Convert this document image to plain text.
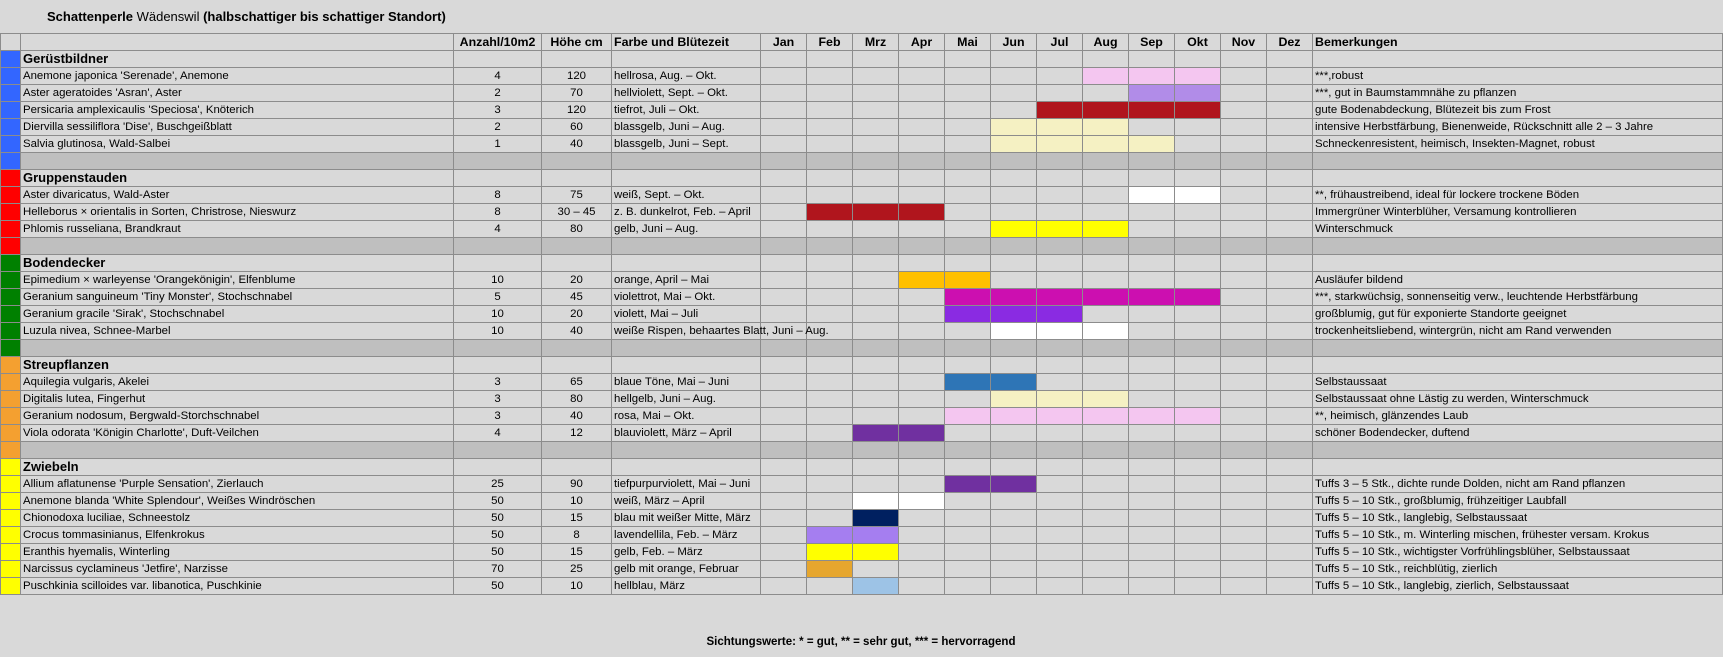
Schattenperle Wädenswil (halbschattiger bis schattiger Standort)
		Anzahl/10m2	Höhe cm	Farbe und Blütezeit	Jan	Feb	Mrz	Apr	Mai	Jun	Jul	Aug	Sep	Okt	Nov	Dez	Bemerkungen
	Gerüstbildner																
	Anemone japonica 'Serenade', Anemone	4	120	hellrosa, Aug. – Okt.													***,robust
	Aster ageratoides 'Asran', Aster	2	70	hellviolett, Sept. – Okt.													***, gut in Baumstammnähe zu pflanzen
	Persicaria amplexicaulis 'Speciosa', Knöterich	3	120	tiefrot, Juli – Okt.													gute Bodenabdeckung, Blütezeit bis zum Frost
	Diervilla sessiliflora 'Dise', Buschgeißblatt	2	60	blassgelb, Juni – Aug.													intensive Herbstfärbung, Bienenweide, Rückschnitt alle 2 – 3 Jahre
	Salvia glutinosa, Wald-Salbei	1	40	blassgelb, Juni – Sept.													Schneckenresistent, heimisch, Insekten-Magnet, robust

	Gruppenstauden																
	Aster divaricatus, Wald-Aster	8	75	weiß, Sept. – Okt.													**, frühaustreibend, ideal für lockere trockene Böden
	Helleborus × orientalis in Sorten, Christrose, Nieswurz	8	30 – 45	z. B. dunkelrot, Feb. – April													Immergrüner Winterblüher, Versamung kontrollieren
	Phlomis russeliana, Brandkraut	4	80	gelb, Juni – Aug.													Winterschmuck

	Bodendecker																
	Epimedium × warleyense 'Orangekönigin', Elfenblume	10	20	orange, April – Mai													Ausläufer bildend
	Geranium sanguineum 'Tiny Monster', Stochschnabel	5	45	violettrot, Mai – Okt.													***, starkwüchsig, sonnenseitig verw., leuchtende Herbstfärbung
	Geranium gracile 'Sirak', Stochschnabel	10	20	violett, Mai – Juli													großblumig, gut für exponierte Standorte geeignet
	Luzula nivea, Schnee-Marbel	10	40	weiße Rispen, behaartes Blatt, Juni – Aug.													trockenheitsliebend, wintergrün, nicht am Rand verwenden

	Streupflanzen																
	Aquilegia vulgaris, Akelei	3	65	blaue Töne, Mai – Juni													Selbstaussaat
	Digitalis lutea, Fingerhut	3	80	hellgelb, Juni – Aug.													Selbstaussaat ohne Lästig zu werden, Winterschmuck
	Geranium nodosum, Bergwald-Storchschnabel	3	40	rosa, Mai – Okt.													**, heimisch, glänzendes Laub
	Viola odorata 'Königin Charlotte', Duft-Veilchen	4	12	blauviolett, März – April													schöner Bodendecker, duftend

	Zwiebeln																
	Allium aflatunense 'Purple Sensation', Zierlauch	25	90	tiefpurpurviolett, Mai – Juni													Tuffs 3 – 5 Stk., dichte runde Dolden, nicht am Rand pflanzen
	Anemone blanda 'White Splendour', Weißes Windröschen	50	10	weiß, März – April													Tuffs 5 – 10 Stk., großblumig, frühzeitiger Laubfall
	Chionodoxa luciliae, Schneestolz	50	15	blau mit weißer Mitte, März													Tuffs 5 – 10 Stk., langlebig, Selbstaussaat
	Crocus tommasinianus, Elfenkrokus	50	8	lavendellila, Feb. – März													Tuffs 5 – 10 Stk., m. Winterling mischen, frühester versam. Krokus
	Eranthis hyemalis, Winterling	50	15	gelb, Feb. – März													Tuffs 5 – 10 Stk., wichtigster Vorfrühlingsblüher, Selbstaussaat
	Narcissus cyclamineus 'Jetfire', Narzisse	70	25	gelb mit orange, Februar													Tuffs 5 – 10 Stk., reichblütig, zierlich
	Puschkinia scilloides var. libanotica, Puschkinie	50	10	hellblau, März													Tuffs 5 – 10 Stk., langlebig, zierlich, Selbstaussaat
Sichtungswerte: * = gut, ** = sehr gut, *** = hervorragend
